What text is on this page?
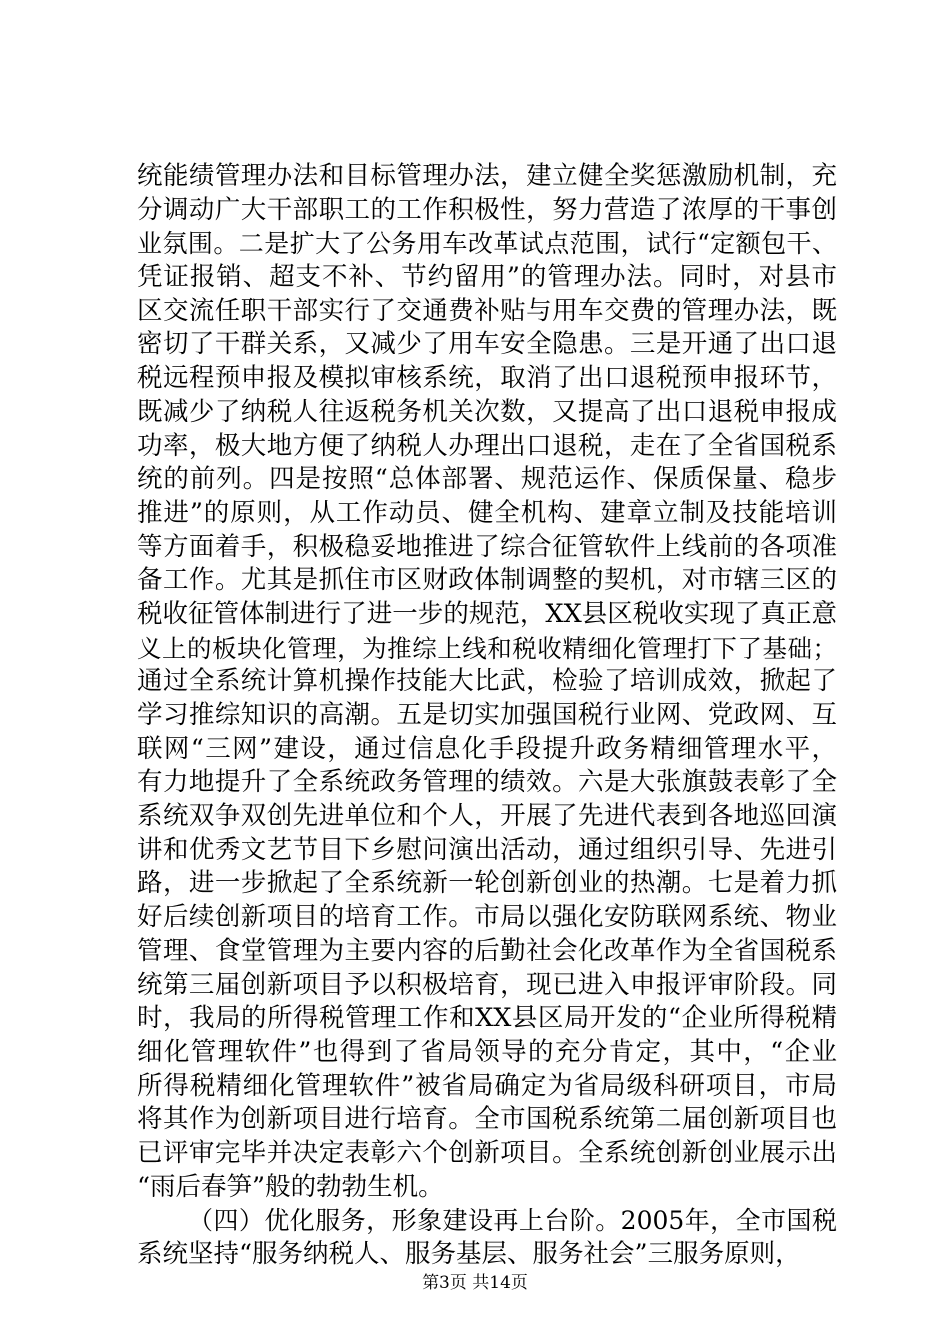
统能绩管理办法和目标管理办法，建立健全奖惩激励机制，充
分调动广大干部职工的工作积极性，努力营造了浓厚的干事创
业氛围。二是扩大了公务用车改革试点范围，试行“定额包干、
凭证报销、超支不补、节约留用”的管理办法。同时，对县市
区交流任职干部实行了交通费补贴与用车交费的管理办法，既
密切了干群关系，又减少了用车安全隐患。三是开通了出口退
税远程预申报及模拟审核系统，取消了出口退税预申报环节，
既减少了纳税人往返税务机关次数，又提高了出口退税申报成
功率，极大地方便了纳税人办理出口退税，走在了全省国税系
统的前列。四是按照“总体部署、规范运作、保质保量、稳步
推进”的原则，从工作动员、健全机构、建章立制及技能培训
等方面着手，积极稳妥地推进了综合征管软件上线前的各项准
备工作。尤其是抓住市区财政体制调整的契机，对市辖三区的
税收征管体制进行了进一步的规范，XX县区税收实现了真正意
义上的板块化管理，为推综上线和税收精细化管理打下了基础；
通过全系统计算机操作技能大比武，检验了培训成效，掀起了
学习推综知识的高潮。五是切实加强国税行业网、党政网、互
联网“三网”建设，通过信息化手段提升政务精细管理水平，
有力地提升了全系统政务管理的绩效。六是大张旗鼓表彰了全
系统双争双创先进单位和个人，开展了先进代表到各地巡回演
讲和优秀文艺节目下乡慰问演出活动，通过组织引导、先进引
路，进一步掀起了全系统新一轮创新创业的热潮。七是着力抓
好后续创新项目的培育工作。市局以强化安防联网系统、物业
管理、食堂管理为主要内容的后勤社会化改革作为全省国税系
统第三届创新项目予以积极培育，现已进入申报评审阶段。同
时，我局的所得税管理工作和XX县区局开发的“企业所得税精
细化管理软件”也得到了省局领导的充分肯定，其中，“企业
所得税精细化管理软件”被省局确定为省局级科研项目，市局
将其作为创新项目进行培育。全市国税系统第二届创新项目也
已评审完毕并决定表彰六个创新项目。全系统创新创业展示出
“雨后春笋”般的勃勃生机。
（四）优化服务，形象建设再上台阶。2005年，全市国税
系统坚持“服务纳税人、服务基层、服务社会”三服务原则，
第3页 共14页
